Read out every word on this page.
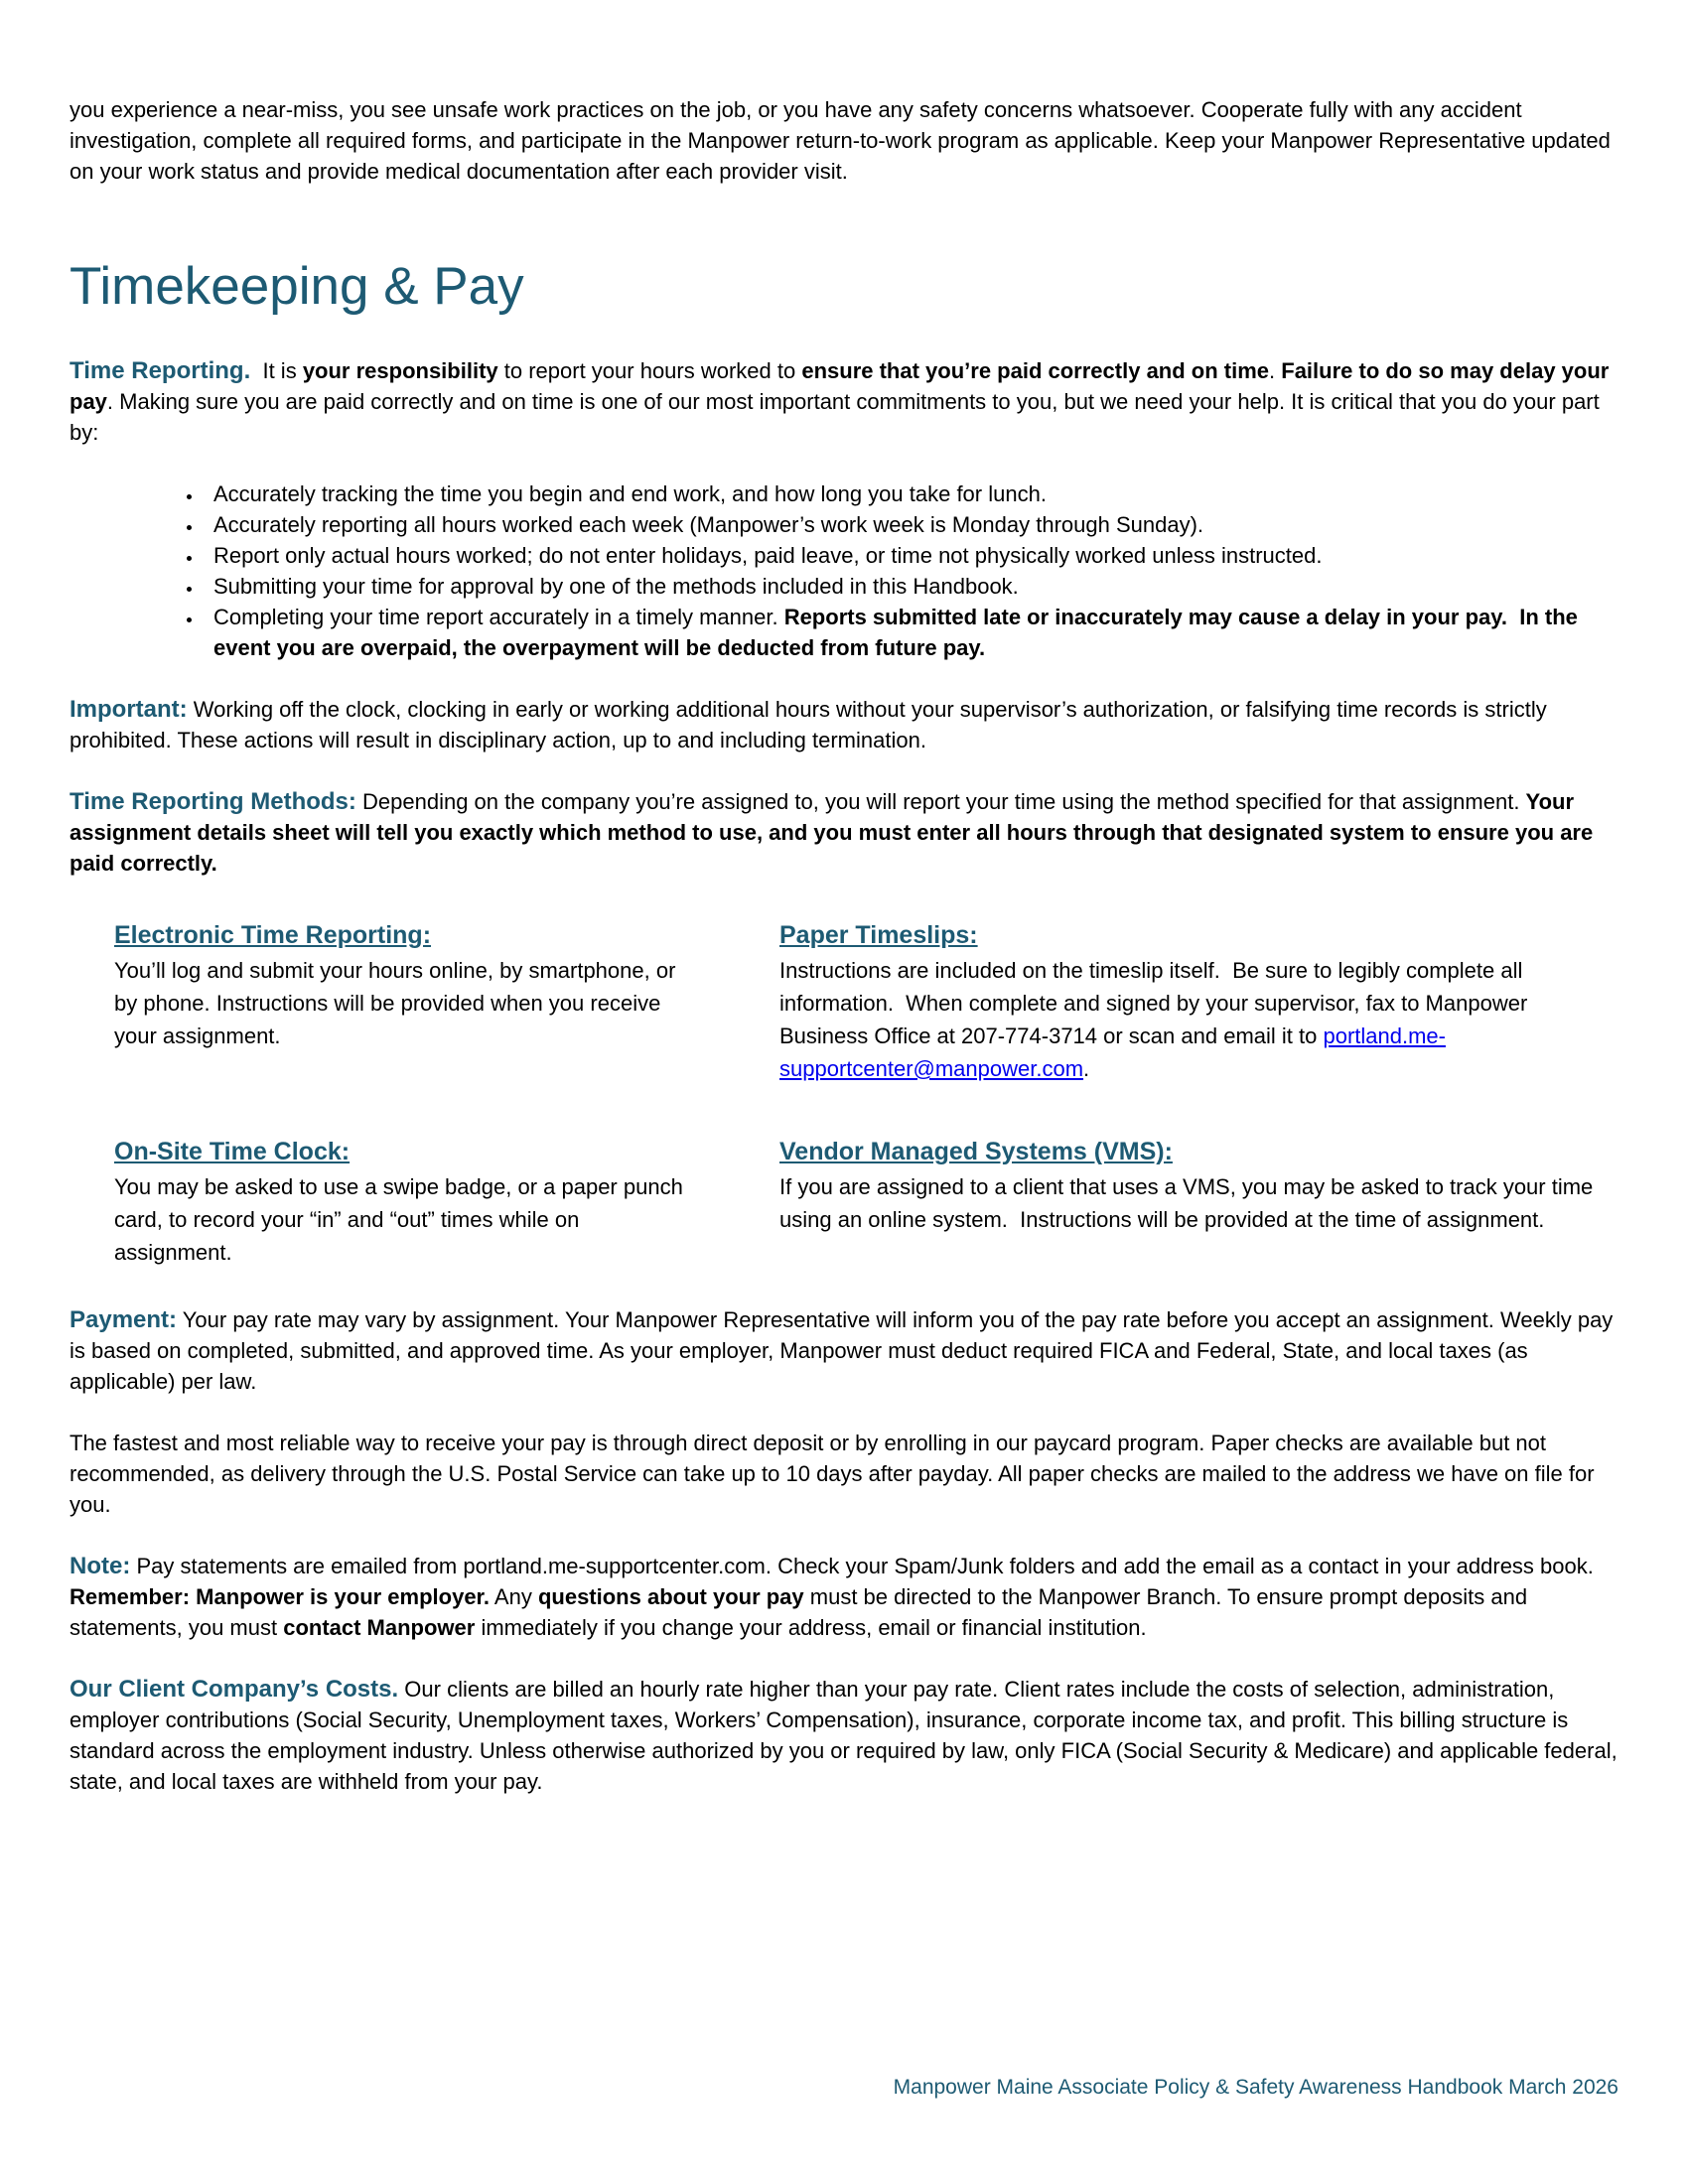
you experience a near-miss, you see unsafe work practices on the job, or you have any safety concerns whatsoever. Cooperate fully with any accident investigation, complete all required forms, and participate in the Manpower return-to-work program as applicable. Keep your Manpower Representative updated on your work status and provide medical documentation after each provider visit.

Timekeeping & Pay

Time Reporting.  It is your responsibility to report your hours worked to ensure that you’re paid correctly and on time. Failure to do so may delay your pay. Making sure you are paid correctly and on time is one of our most important commitments to you, but we need your help. It is critical that you do your part by:

• Accurately tracking the time you begin and end work, and how long you take for lunch.
• Accurately reporting all hours worked each week (Manpower’s work week is Monday through Sunday).
• Report only actual hours worked; do not enter holidays, paid leave, or time not physically worked unless instructed.
• Submitting your time for approval by one of the methods included in this Handbook.
• Completing your time report accurately in a timely manner. Reports submitted late or inaccurately may cause a delay in your pay.  In the event you are overpaid, the overpayment will be deducted from future pay.

Important: Working off the clock, clocking in early or working additional hours without your supervisor’s authorization, or falsifying time records is strictly prohibited. These actions will result in disciplinary action, up to and including termination.

Time Reporting Methods: Depending on the company you’re assigned to, you will report your time using the method specified for that assignment. Your assignment details sheet will tell you exactly which method to use, and you must enter all hours through that designated system to ensure you are paid correctly.

Electronic Time Reporting:

You’ll log and submit your hours online, by smartphone, or by phone. Instructions will be provided when you receive your assignment.

Paper Timeslips:

Instructions are included on the timeslip itself.  Be sure to legibly complete all information.  When complete and signed by your supervisor, fax to Manpower Business Office at 207-774-3714 or scan and email it to portland.me-supportcenter@manpower.com.

On-Site Time Clock:

You may be asked to use a swipe badge, or a paper punch card, to record your “in” and “out” times while on assignment.

Vendor Managed Systems (VMS):

If you are assigned to a client that uses a VMS, you may be asked to track your time using an online system.  Instructions will be provided at the time of assignment.

Payment: Your pay rate may vary by assignment. Your Manpower Representative will inform you of the pay rate before you accept an assignment. Weekly pay is based on completed, submitted, and approved time. As your employer, Manpower must deduct required FICA and Federal, State, and local taxes (as applicable) per law.

The fastest and most reliable way to receive your pay is through direct deposit or by enrolling in our paycard program. Paper checks are available but not recommended, as delivery through the U.S. Postal Service can take up to 10 days after payday. All paper checks are mailed to the address we have on file for you.

Note: Pay statements are emailed from portland.me-supportcenter.com. Check your Spam/Junk folders and add the email as a contact in your address book. Remember: Manpower is your employer. Any questions about your pay must be directed to the Manpower Branch. To ensure prompt deposits and statements, you must contact Manpower immediately if you change your address, email or financial institution.

Our Client Company’s Costs. Our clients are billed an hourly rate higher than your pay rate. Client rates include the costs of selection, administration, employer contributions (Social Security, Unemployment taxes, Workers’ Compensation), insurance, corporate income tax, and profit. This billing structure is standard across the employment industry. Unless otherwise authorized by you or required by law, only FICA (Social Security & Medicare) and applicable federal, state, and local taxes are withheld from your pay.

Manpower Maine Associate Policy & Safety Awareness Handbook March 2026
